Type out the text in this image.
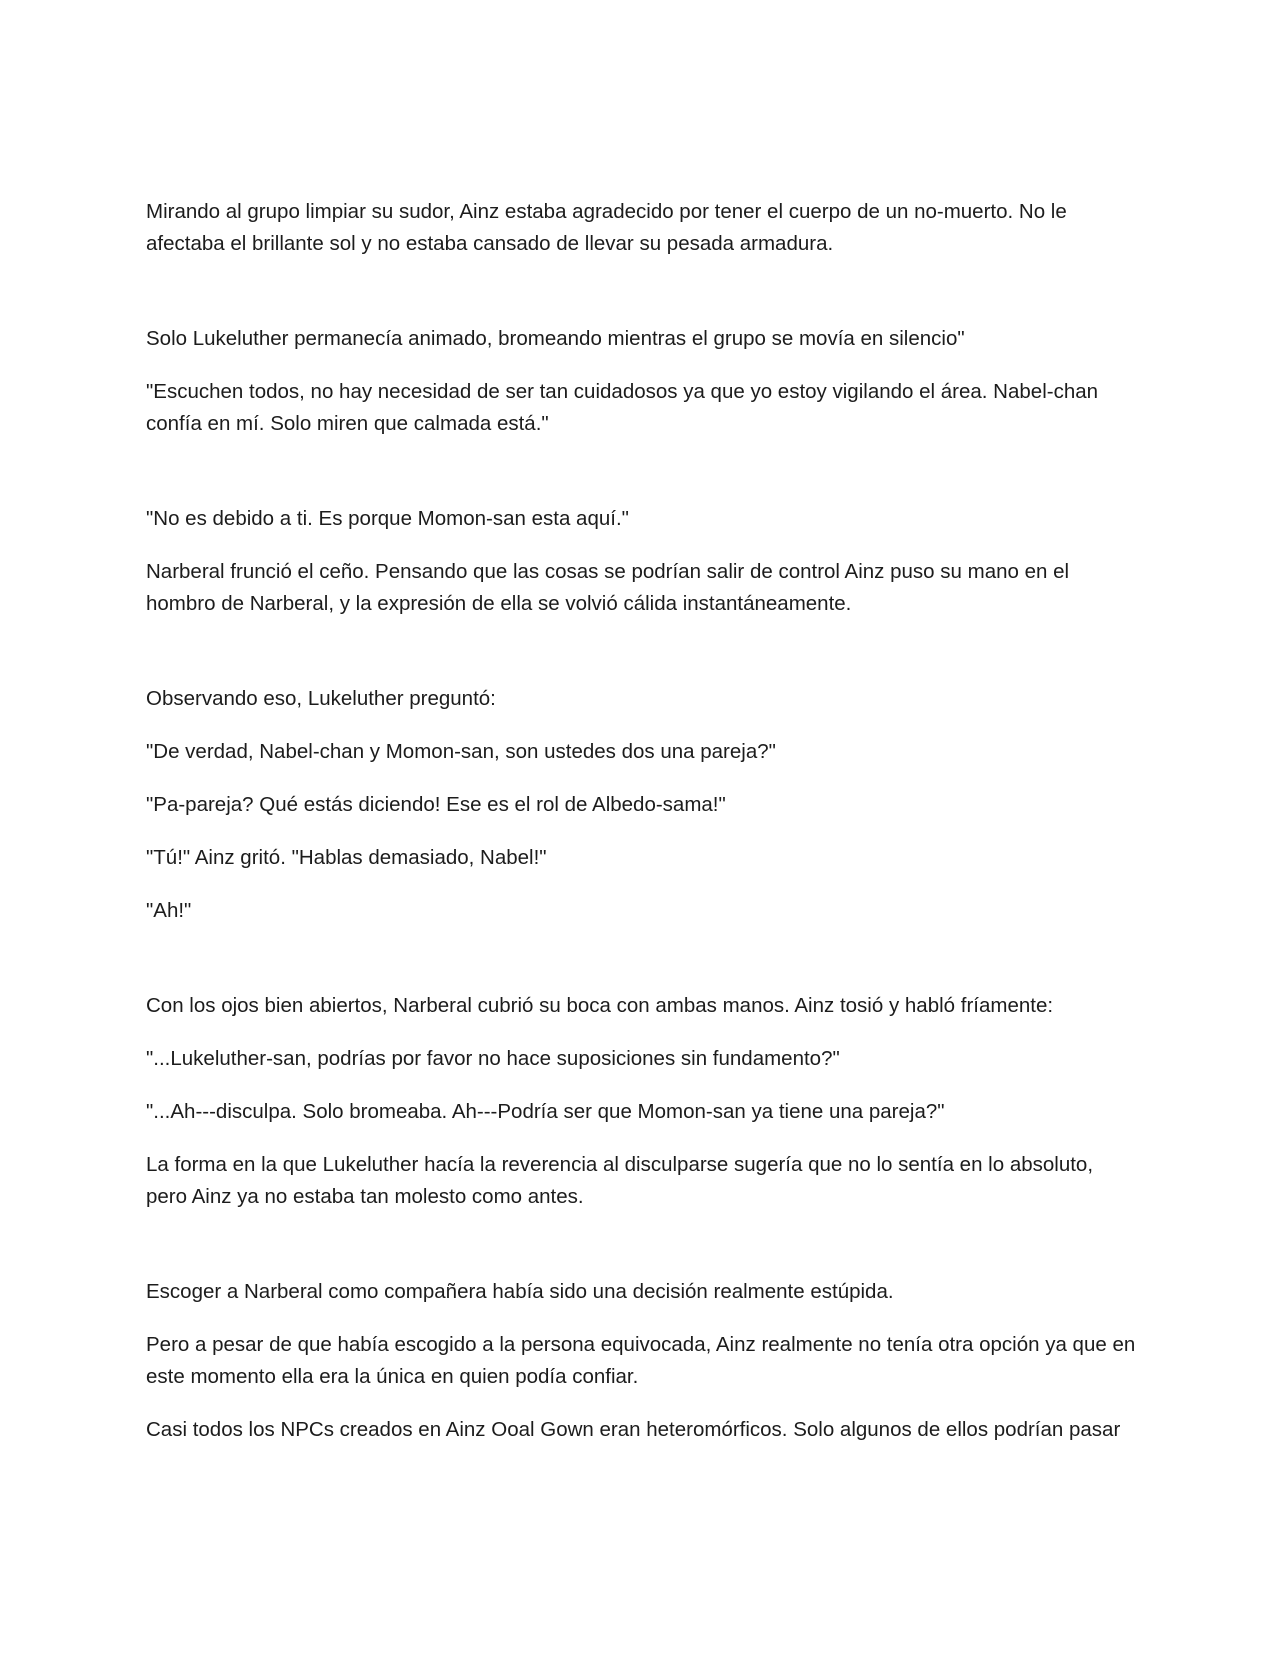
Mirando al grupo limpiar su sudor, Ainz estaba agradecido por tener el cuerpo de un no-muerto. No le afectaba el brillante sol y no estaba cansado de llevar su pesada armadura.

Solo Lukeluther permanecía animado, bromeando mientras el grupo se movía en silencio"

"Escuchen todos, no hay necesidad de ser tan cuidadosos ya que yo estoy vigilando el área. Nabel-chan confía en mí. Solo miren que calmada está."

"No es debido a ti. Es porque Momon-san esta aquí."

Narberal frunció el ceño. Pensando que las cosas se podrían salir de control Ainz puso su mano en el hombro de Narberal, y la expresión de ella se volvió cálida instantáneamente.

Observando eso, Lukeluther preguntó:

"De verdad, Nabel-chan y Momon-san, son ustedes dos una pareja?"

"Pa-pareja? Qué estás diciendo! Ese es el rol de Albedo-sama!"

"Tú!" Ainz gritó. "Hablas demasiado, Nabel!"

"Ah!"

Con los ojos bien abiertos, Narberal cubrió su boca con ambas manos. Ainz tosió y habló fríamente:

"...Lukeluther-san, podrías por favor no hace suposiciones sin fundamento?"

"...Ah---disculpa. Solo bromeaba. Ah---Podría ser que Momon-san ya tiene una pareja?"

La forma en la que Lukeluther hacía la reverencia al disculparse sugería que no lo sentía en lo absoluto, pero Ainz ya no estaba tan molesto como antes.

Escoger a Narberal como compañera había sido una decisión realmente estúpida.

Pero a pesar de que había escogido a la persona equivocada, Ainz realmente no tenía otra opción ya que en este momento ella era la única en quien podía confiar.

Casi todos los NPCs creados en Ainz Ooal Gown eran heteromórficos. Solo algunos de ellos podrían pasar
